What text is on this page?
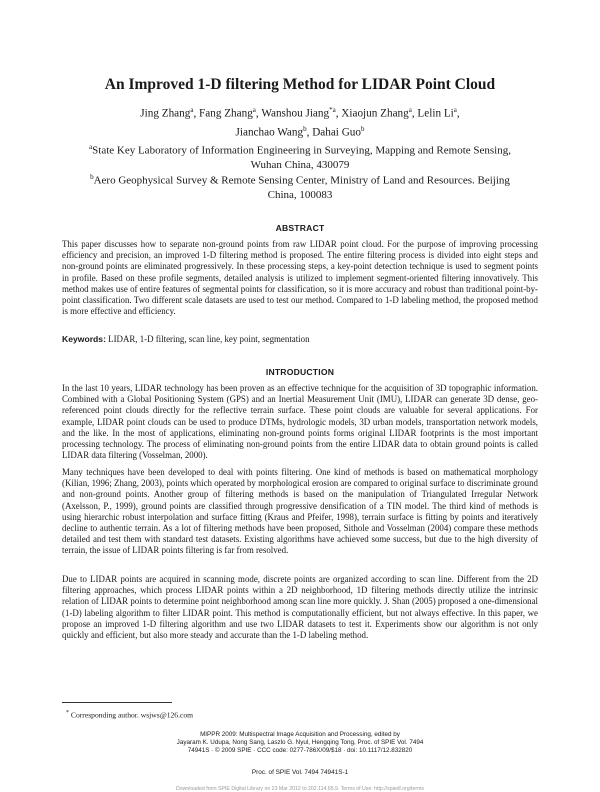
An Improved 1-D filtering Method for LIDAR Point Cloud
Jing Zhang$^a$, Fang Zhang$^a$, Wanshou Jiang$^{*a}$, Xiaojun Zhang$^a$, Lelin Li$^a$,
Jianchao Wang$^b$, Dahai Guo$^b$
$^a$State Key Laboratory of Information Engineering in Surveying, Mapping and Remote Sensing,
Wuhan China, 430079
$^b$Aero Geophysical Survey & Remote Sensing Center, Ministry of Land and Resources. Beijing
China, 100083
ABSTRACT
This paper discusses how to separate non-ground points from raw LIDAR point cloud. For the purpose of improving processing efficiency and precision, an improved 1-D filtering method is proposed. The entire filtering process is divided into eight steps and non-ground points are eliminated progressively. In these processing steps, a key-point detection technique is used to segment points in profile. Based on these profile segments, detailed analysis is utilized to implement segment-oriented filtering innovatively. This method makes use of entire features of segmental points for classification, so it is more accuracy and robust than traditional point-by-point classification. Two different scale datasets are used to test our method. Compared to 1-D labeling method, the proposed method is more effective and efficiency.
Keywords: LIDAR, 1-D filtering, scan line, key point, segmentation
INTRODUCTION
In the last 10 years, LIDAR technology has been proven as an effective technique for the acquisition of 3D topographic information. Combined with a Global Positioning System (GPS) and an Inertial Measurement Unit (IMU), LIDAR can generate 3D dense, geo-referenced point clouds directly for the reflective terrain surface. These point clouds are valuable for several applications. For example, LIDAR point clouds can be used to produce DTMs, hydrologic models, 3D urban models, transportation network models, and the like. In the most of applications, eliminating non-ground points forms original LIDAR footprints is the most important processing technology. The process of eliminating non-ground points from the entire LIDAR data to obtain ground points is called LIDAR data filtering (Vosselman, 2000).
Many techniques have been developed to deal with points filtering. One kind of methods is based on mathematical morphology (Kilian, 1996; Zhang, 2003), points which operated by morphological erosion are compared to original surface to discriminate ground and non-ground points. Another group of filtering methods is based on the manipulation of Triangulated Irregular Network (Axelsson, P., 1999), ground points are classified through progressive densification of a TIN model. The third kind of methods is using hierarchic robust interpolation and surface fitting (Kraus and Pfeifer, 1998), terrain surface is fitting by points and iteratively decline to authentic terrain. As a lot of filtering methods have been proposed, Sithole and Vosselman (2004) compare these methods detailed and test them with standard test datasets. Existing algorithms have achieved some success, but due to the high diversity of terrain, the issue of LIDAR points filtering is far from resolved.
Due to LIDAR points are acquired in scanning mode, discrete points are organized according to scan line. Different from the 2D filtering approaches, which process LIDAR points within a 2D neighborhood, 1D filtering methods directly utilize the intrinsic relation of LIDAR points to determine point neighborhood among scan line more quickly. J. Shan (2005) proposed a one-dimensional (1-D) labeling algorithm to filter LIDAR point. This method is computationally efficient, but not always effective. In this paper, we propose an improved 1-D filtering algorithm and use two LIDAR datasets to test it. Experiments show our algorithm is not only quickly and efficient, but also more steady and accurate than the 1-D labeling method.
* Corresponding author. wsjws@126.com
MIPPR 2009: Multispectral Image Acquisition and Processing, edited by
Jayaram K. Udupa, Nong Sang, Laszlo G. Nyul, Hengqing Tong, Proc. of SPIE Vol. 7494
74941S · © 2009 SPIE · CCC code: 0277-786X/09/$18 · doi: 10.1117/12.832820
Proc. of SPIE Vol. 7494 74941S-1
Downloaded from SPIE Digital Library on 23 Mar 2012 to 202.114.65.9. Terms of Use: http://spiedl.org/terms
